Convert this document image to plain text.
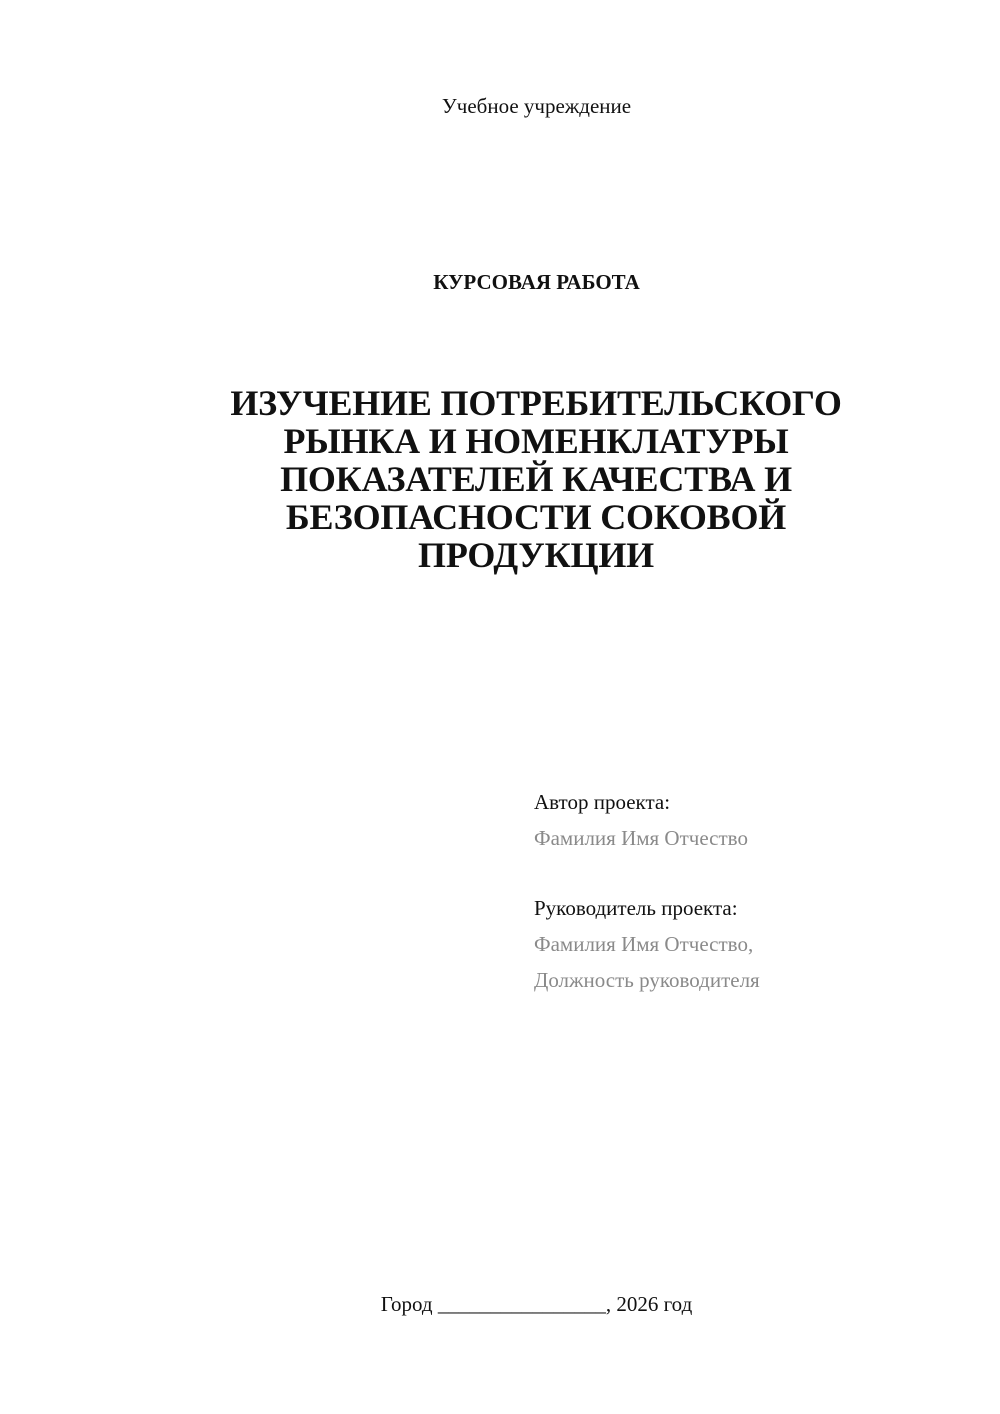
Учебное учреждение
КУРСОВАЯ РАБОТА
ИЗУЧЕНИЕ ПОТРЕБИТЕЛЬСКОГО
РЫНКА И НОМЕНКЛАТУРЫ
ПОКАЗАТЕЛЕЙ КАЧЕСТВА И
БЕЗОПАСНОСТИ СОКОВОЙ
ПРОДУКЦИИ
Автор проекта:
Фамилия Имя Отчество
Руководитель проекта:
Фамилия Имя Отчество,
Должность руководителя
Город ________________, 2026 год
